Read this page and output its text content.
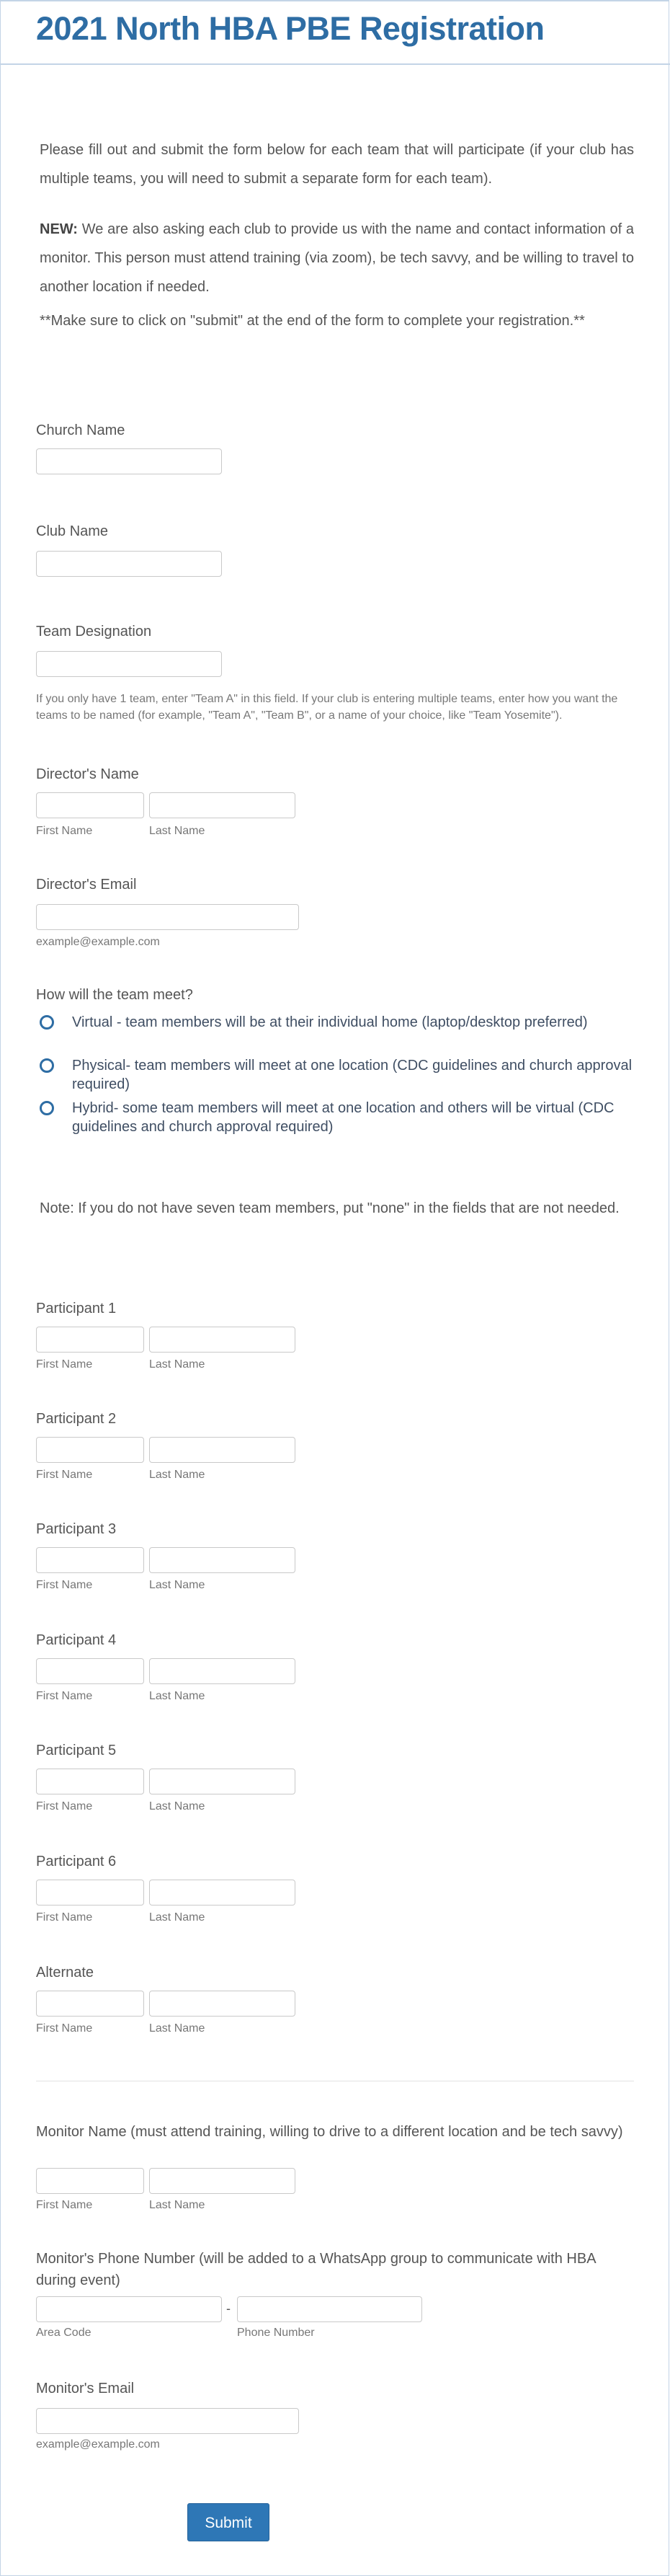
2021 North HBA PBE Registration
Please fill out and submit the form below for each team that will participate (if your club has multiple teams, you will need to submit a separate form for each team).
NEW: We are also asking each club to provide us with the name and contact information of a monitor. This person must attend training (via zoom), be tech savvy, and be willing to travel to another location if needed.
**Make sure to click on "submit" at the end of the form to complete your registration.**
Church Name
Club Name
Team Designation
If you only have 1 team, enter "Team A" in this field. If your club is entering multiple teams, enter how you want the teams to be named (for example, "Team A", "Team B", or a name of your choice, like "Team Yosemite").
Director's Name
First Name	Last Name
Director's Email
example@example.com
How will the team meet?
Virtual - team members will be at their individual home (laptop/desktop preferred)
Physical- team members will meet at one location (CDC guidelines and church approval required)
Hybrid- some team members will meet at one location and others will be virtual (CDC guidelines and church approval required)
Note: If you do not have seven team members, put "none" in the fields that are not needed.
Participant 1
First Name	Last Name
Participant 2
First Name	Last Name
Participant 3
First Name	Last Name
Participant 4
First Name	Last Name
Participant 5
First Name	Last Name
Participant 6
First Name	Last Name
Alternate
First Name	Last Name
Monitor Name (must attend training, willing to drive to a different location and be tech savvy)
First Name	Last Name
Monitor's Phone Number (will be added to a WhatsApp group to communicate with HBA during event)
-
Area Code	Phone Number
Monitor's Email
example@example.com
Submit
